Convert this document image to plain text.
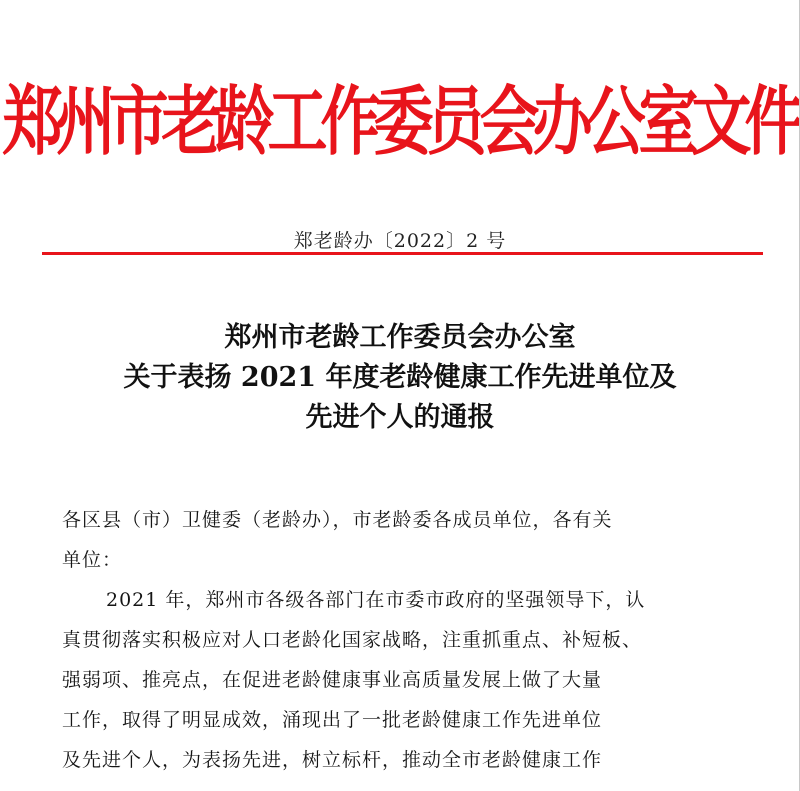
郑州市老龄工作委员会办公室文件
郑老龄办〔2022〕2 号
郑州市老龄工作委员会办公室
关于表扬 2021 年度老龄健康工作先进单位及
先进个人的通报
各区县（市）卫健委（老龄办），市老龄委各成员单位，各有关
单位：
2021 年，郑州市各级各部门在市委市政府的坚强领导下，认
真贯彻落实积极应对人口老龄化国家战略，注重抓重点、补短板、
强弱项、推亮点，在促进老龄健康事业高质量发展上做了大量
工作，取得了明显成效，涌现出了一批老龄健康工作先进单位
及先进个人，为表扬先进，树立标杆，推动全市老龄健康工作
